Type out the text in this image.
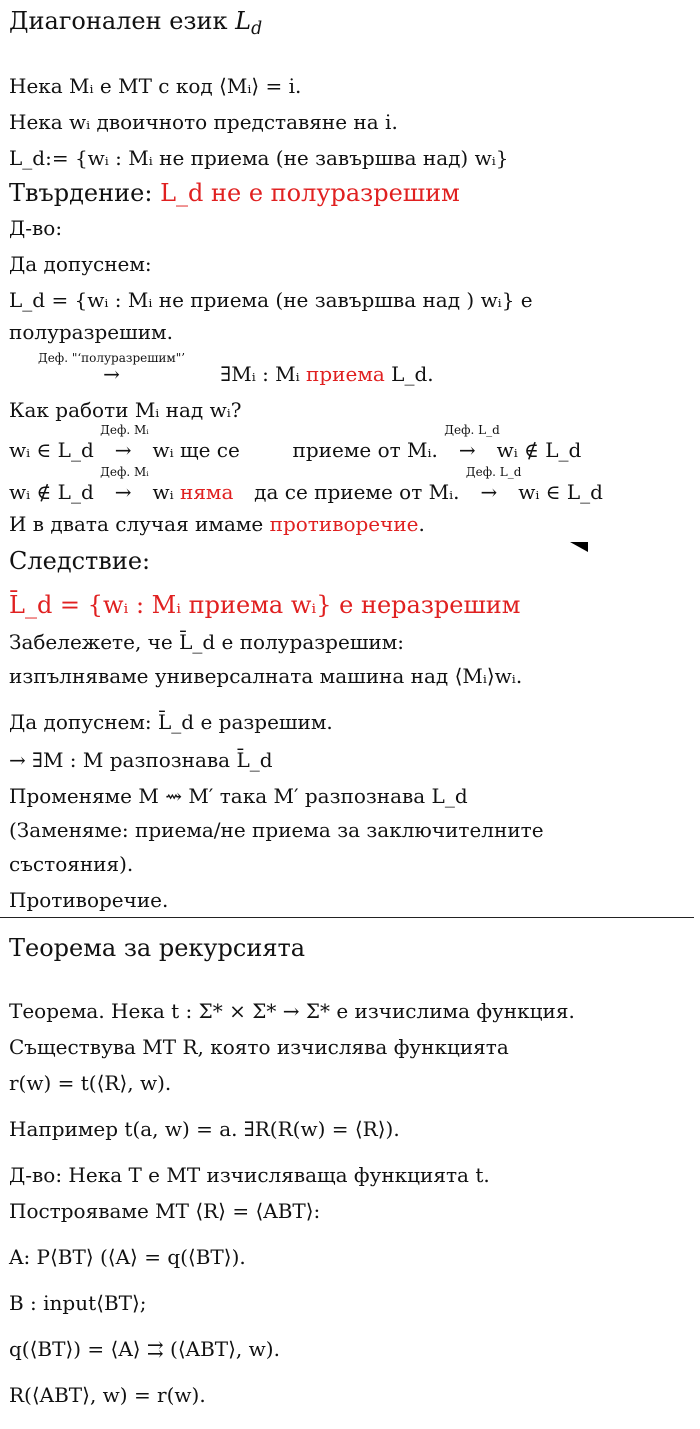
Диагонален език $L_d$
Нека Mᵢ е МТ с код ⟨Mᵢ⟩ = i.
Нека wᵢ двоичното представяне на i.
L_d:= {wᵢ : Mᵢ не приема (не завършва над) wᵢ}
Твърдение: L_d не е полуразрешим
Д-во:
Да допуснем:
L_d = {wᵢ : Mᵢ не приема (не завършва над ) wᵢ} е
полуразрешим.
Деф. "‘полуразрешим"’
→	∃Mᵢ : Mᵢ приема L_d.
Как работи Mᵢ над wᵢ?
wᵢ ∈ L_d
Деф. Mᵢ
→ wᵢ ще се	приеме от Mᵢ.
Деф. L_d
→ wᵢ ∉ L_d
wᵢ ∉ L_d
Деф. Mᵢ
→ wᵢ няма да се приеме от Mᵢ.
Деф. L_d
→ wᵢ ∈ L_d
И в двата случая имаме противоречие.
Следствие:
L̄_d = {wᵢ : Mᵢ приема wᵢ} е неразрешим
Забележете, че L̄_d е полуразрешим:
изпълняваме универсалната машина над ⟨Mᵢ⟩wᵢ.
Да допуснем: L̄_d е разрешим.
→ ∃M : M разпознава L̄_d
Променяме M ⇝ M′ така M′ разпознава L_d
(Заменяме: приема/не приема за заключителните
състояния).
Противоречие.
Теорема за рекурсията
Теорема. Нека t : Σ* × Σ* → Σ* е изчислима функция.
Съществува МТ R, която изчислява функцията
r(w) = t(⟨R⟩, w).
Например t(a, w) = a. ∃R(R(w) = ⟨R⟩).
Д-во: Нека T е МТ изчисляваща функцията t.
Построяваме МТ ⟨R⟩ = ⟨ABT⟩:
A: P⟨BT⟩ (⟨A⟩ = q(⟨BT⟩).
B : input⟨BT⟩;
q(⟨BT⟩) = ⟨A⟩ ⇉ (⟨ABT⟩, w).
R(⟨ABT⟩, w) = r(w).
